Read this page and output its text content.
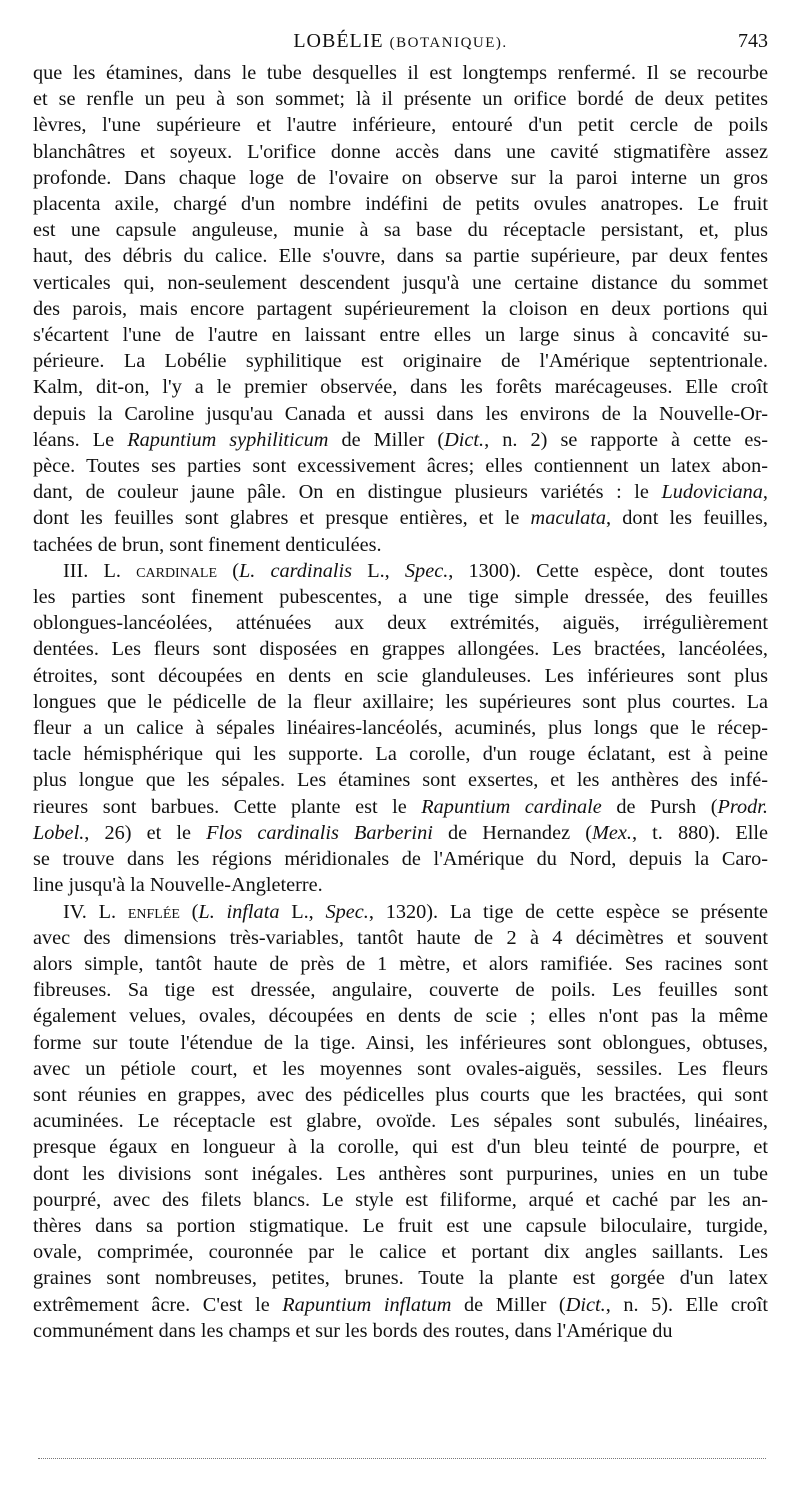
LOBÉLIE (BOTANIQUE).	743
que les étamines, dans le tube desquelles il est longtemps renfermé. Il se recourbe
et se renfle un peu à son sommet; là il présente un orifice bordé de deux petites
lèvres, l'une supérieure et l'autre inférieure, entouré d'un petit cercle de poils
blanchâtres et soyeux. L'orifice donne accès dans une cavité stigmatifère assez
profonde. Dans chaque loge de l'ovaire on observe sur la paroi interne un gros
placenta axile, chargé d'un nombre indéfini de petits ovules anatropes. Le fruit
est une capsule anguleuse, munie à sa base du réceptacle persistant, et, plus
haut, des débris du calice. Elle s'ouvre, dans sa partie supérieure, par deux fentes
verticales qui, non-seulement descendent jusqu'à une certaine distance du sommet
des parois, mais encore partagent supérieurement la cloison en deux portions qui
s'écartent l'une de l'autre en laissant entre elles un large sinus à concavité su-
périeure. La Lobélie syphilitique est originaire de l'Amérique septentrionale.
Kalm, dit-on, l'y a le premier observée, dans les forêts marécageuses. Elle croît
depuis la Caroline jusqu'au Canada et aussi dans les environs de la Nouvelle-Or-
léans. Le Rapuntium syphiliticum de Miller (Dict., n. 2) se rapporte à cette es-
pèce. Toutes ses parties sont excessivement âcres; elles contiennent un latex abon-
dant, de couleur jaune pâle. On en distingue plusieurs variétés : le Ludoviciana,
dont les feuilles sont glabres et presque entières, et le maculata, dont les feuilles,
tachées de brun, sont finement denticulées.
III. L. cardinale (L. cardinalis L., Spec., 1300). Cette espèce, dont toutes
les parties sont finement pubescentes, a une tige simple dressée, des feuilles
oblongues-lancéolées, atténuées aux deux extrémités, aiguës, irrégulièrement
dentées. Les fleurs sont disposées en grappes allongées. Les bractées, lancéolées,
étroites, sont découpées en dents en scie glanduleuses. Les inférieures sont plus
longues que le pédicelle de la fleur axillaire; les supérieures sont plus courtes. La
fleur a un calice à sépales linéaires-lancéolés, acuminés, plus longs que le récep-
tacle hémisphérique qui les supporte. La corolle, d'un rouge éclatant, est à peine
plus longue que les sépales. Les étamines sont exsertes, et les anthères des infé-
rieures sont barbues. Cette plante est le Rapuntium cardinale de Pursh (Prodr.
Lobel., 26) et le Flos cardinalis Barberini de Hernandez (Mex., t. 880). Elle
se trouve dans les régions méridionales de l'Amérique du Nord, depuis la Caro-
line jusqu'à la Nouvelle-Angleterre.
IV. L. enflée (L. inflata L., Spec., 1320). La tige de cette espèce se présente
avec des dimensions très-variables, tantôt haute de 2 à 4 décimètres et souvent
alors simple, tantôt haute de près de 1 mètre, et alors ramifiée. Ses racines sont
fibreuses. Sa tige est dressée, angulaire, couverte de poils. Les feuilles sont
également velues, ovales, découpées en dents de scie ; elles n'ont pas la même
forme sur toute l'étendue de la tige. Ainsi, les inférieures sont oblongues, obtuses,
avec un pétiole court, et les moyennes sont ovales-aiguës, sessiles. Les fleurs
sont réunies en grappes, avec des pédicelles plus courts que les bractées, qui sont
acuminées. Le réceptacle est glabre, ovoïde. Les sépales sont subulés, linéaires,
presque égaux en longueur à la corolle, qui est d'un bleu teinté de pourpre, et
dont les divisions sont inégales. Les anthères sont purpurines, unies en un tube
pourpré, avec des filets blancs. Le style est filiforme, arqué et caché par les an-
thères dans sa portion stigmatique. Le fruit est une capsule biloculaire, turgide,
ovale, comprimée, couronnée par le calice et portant dix angles saillants. Les
graines sont nombreuses, petites, brunes. Toute la plante est gorgée d'un latex
extrêmement âcre. C'est le Rapuntium inflatum de Miller (Dict., n. 5). Elle croît
communément dans les champs et sur les bords des routes, dans l'Amérique du
